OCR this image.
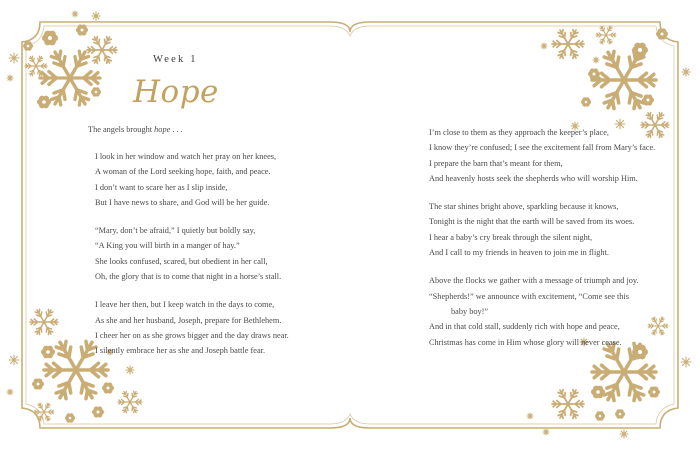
Week 1
Hope
The angels brought hope . . .

I look in her window and watch her pray on her knees,

A woman of the Lord seeking hope, faith, and peace.

I don’t want to scare her as I slip inside,

But I have news to share, and God will be her guide.

“Mary, don’t be afraid,” I quietly but boldly say,

“A King you will birth in a manger of hay.”

She looks confused, scared, but obedient in her call,

Oh, the glory that is to come that night in a horse’s stall.

I leave her then, but I keep watch in the days to come,

As she and her husband, Joseph, prepare for Bethlehem.

I cheer her on as she grows bigger and the day draws near.

I silently embrace her as she and Joseph battle fear.

I’m close to them as they approach the keeper’s place,

I know they’re confused; I see the excitement fall from Mary’s face.

I prepare the barn that’s meant for them,

And heavenly hosts seek the shepherds who will worship Him.

The star shines bright above, sparkling because it knows,

Tonight is the night that the earth will be saved from its woes.

I hear a baby’s cry break through the silent night,

And I call to my friends in heaven to join me in flight.

Above the flocks we gather with a message of triumph and joy.

“Shepherds!” we announce with excitement, “Come see this

baby boy!”

And in that cold stall, suddenly rich with hope and peace,

Christmas has come in Him whose glory will never cease.
